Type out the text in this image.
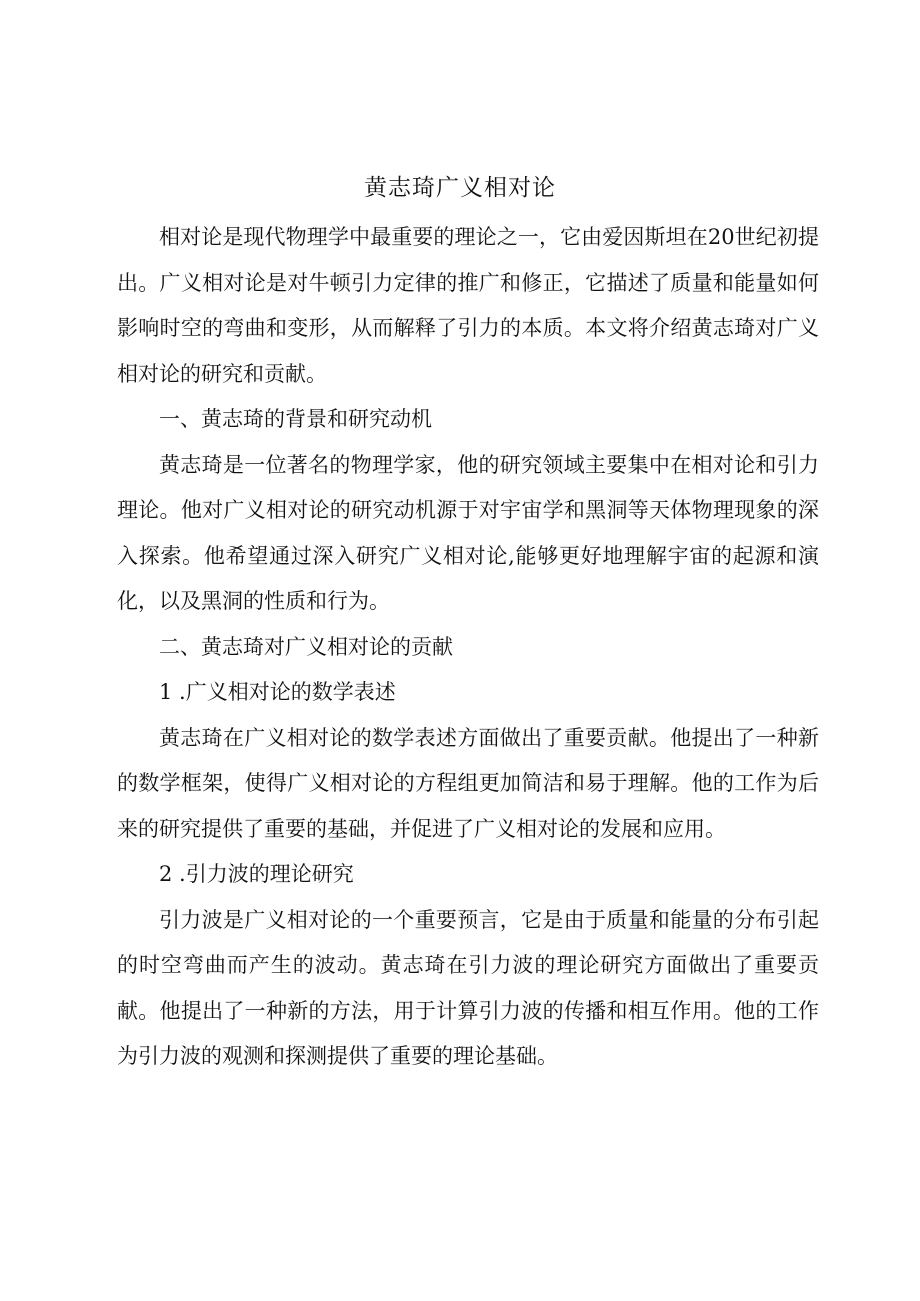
黄志琦广义相对论

相对论是现代物理学中最重要的理论之一，它由爱因斯坦在20世纪初提出。广义相对论是对牛顿引力定律的推广和修正，它描述了质量和能量如何影响时空的弯曲和变形，从而解释了引力的本质。本文将介绍黄志琦对广义相对论的研究和贡献。

一、黄志琦的背景和研究动机

黄志琦是一位著名的物理学家，他的研究领域主要集中在相对论和引力理论。他对广义相对论的研究动机源于对宇宙学和黑洞等天体物理现象的深入探索。他希望通过深入研究广义相对论,能够更好地理解宇宙的起源和演化，以及黑洞的性质和行为。

二、黄志琦对广义相对论的贡献

1 .广义相对论的数学表述

黄志琦在广义相对论的数学表述方面做出了重要贡献。他提出了一种新的数学框架，使得广义相对论的方程组更加简洁和易于理解。他的工作为后来的研究提供了重要的基础，并促进了广义相对论的发展和应用。

2 .引力波的理论研究

引力波是广义相对论的一个重要预言，它是由于质量和能量的分布引起的时空弯曲而产生的波动。黄志琦在引力波的理论研究方面做出了重要贡献。他提出了一种新的方法，用于计算引力波的传播和相互作用。他的工作为引力波的观测和探测提供了重要的理论基础。
